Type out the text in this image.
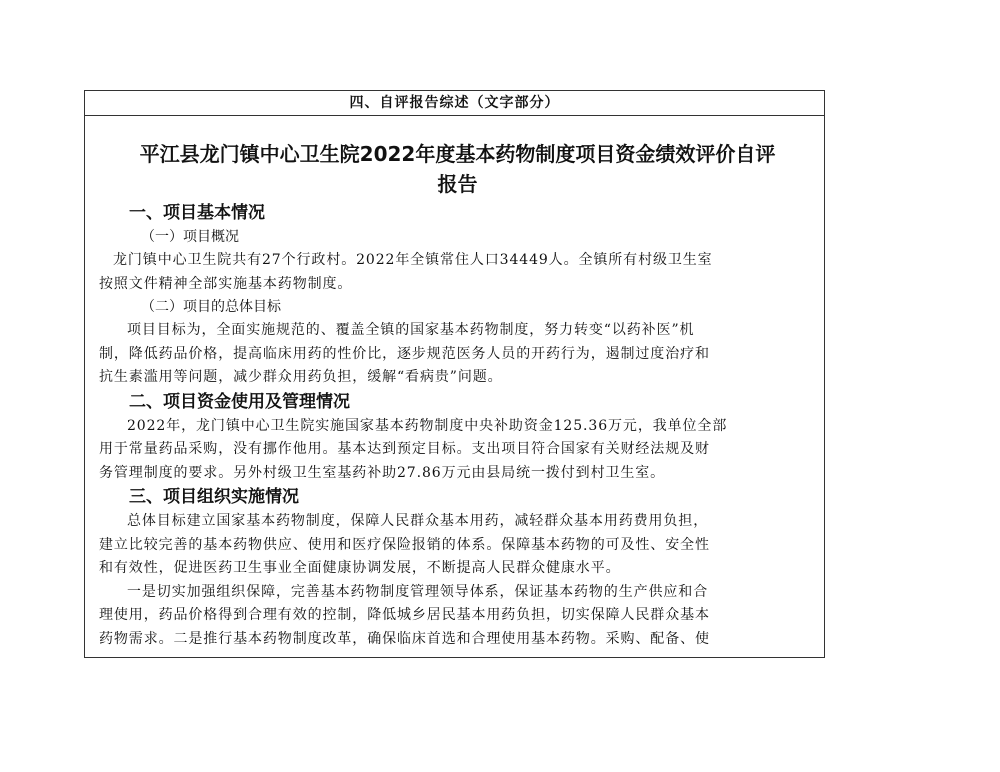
四、自评报告综述（文字部分）

平江县龙门镇中心卫生院2022年度基本药物制度项目资金绩效评价自评

报告

一、项目基本情况

（一）项目概况

龙门镇中心卫生院共有27个行政村。2022年全镇常住人口34449人。全镇所有村级卫生室

按照文件精神全部实施基本药物制度。

（二）项目的总体目标

项目目标为，全面实施规范的、覆盖全镇的国家基本药物制度，努力转变“以药补医”机

制，降低药品价格，提高临床用药的性价比，逐步规范医务人员的开药行为，遏制过度治疗和

抗生素滥用等问题，减少群众用药负担，缓解“看病贵”问题。

二、项目资金使用及管理情况

2022年，龙门镇中心卫生院实施国家基本药物制度中央补助资金125.36万元，我单位全部

用于常量药品采购，没有挪作他用。基本达到预定目标。支出项目符合国家有关财经法规及财

务管理制度的要求。另外村级卫生室基药补助27.86万元由县局统一拨付到村卫生室。

三、项目组织实施情况

总体目标建立国家基本药物制度，保障人民群众基本用药，减轻群众基本用药费用负担，

建立比较完善的基本药物供应、使用和医疗保险报销的体系。保障基本药物的可及性、安全性

和有效性，促进医药卫生事业全面健康协调发展，不断提高人民群众健康水平。

一是切实加强组织保障，完善基本药物制度管理领导体系，保证基本药物的生产供应和合

理使用，药品价格得到合理有效的控制，降低城乡居民基本用药负担，切实保障人民群众基本

药物需求。二是推行基本药物制度改革，确保临床首选和合理使用基本药物。采购、配备、使
